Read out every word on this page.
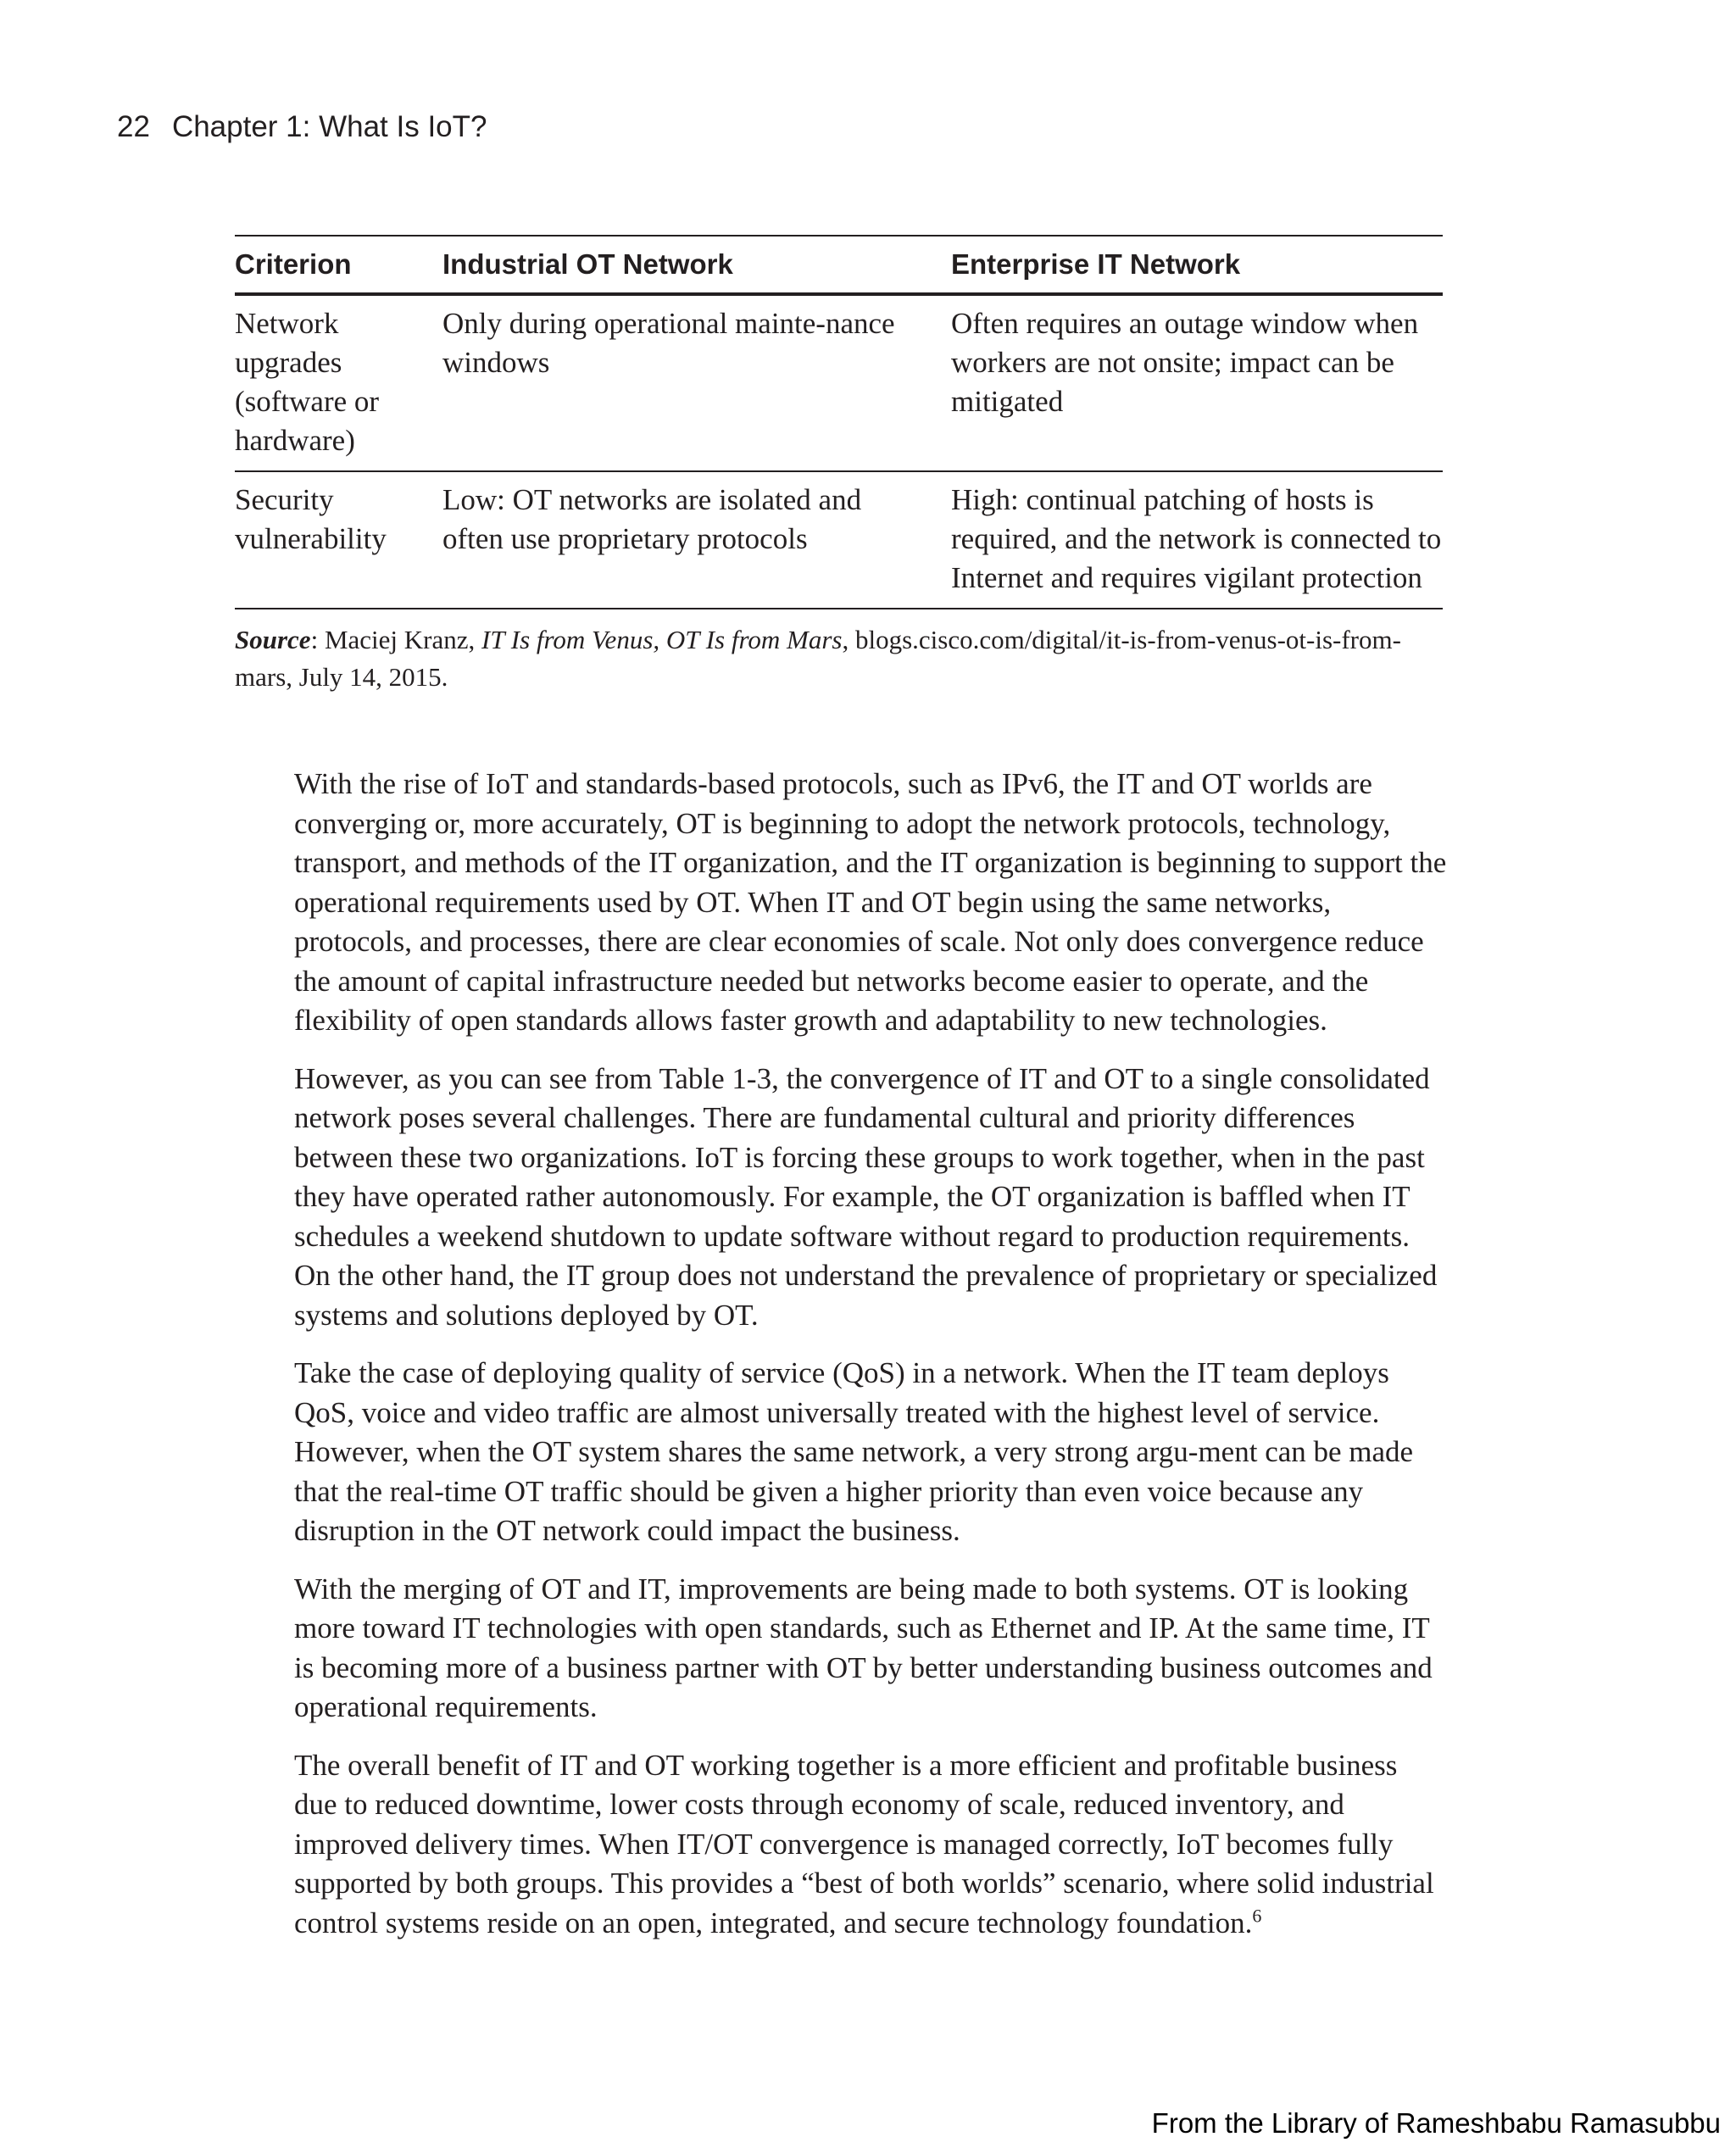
22 Chapter 1: What Is IoT?
Criterion	Industrial OT Network	Enterprise IT Network
Network upgrades (software or hardware)	Only during operational mainte-nance windows	Often requires an outage window when workers are not onsite; impact can be mitigated
Security vulnerability	Low: OT networks are isolated and often use proprietary protocols	High: continual patching of hosts is required, and the network is connected to Internet and requires vigilant protection
Source: Maciej Kranz, IT Is from Venus, OT Is from Mars, blogs.cisco.com/digital/it-is-from-venus-ot-is-from-mars, July 14, 2015.

With the rise of IoT and standards-based protocols, such as IPv6, the IT and OT worlds are converging or, more accurately, OT is beginning to adopt the network protocols, technology, transport, and methods of the IT organization, and the IT organization is beginning to support the operational requirements used by OT. When IT and OT begin using the same networks, protocols, and processes, there are clear economies of scale. Not only does convergence reduce the amount of capital infrastructure needed but networks become easier to operate, and the flexibility of open standards allows faster growth and adaptability to new technologies.

However, as you can see from Table 1-3, the convergence of IT and OT to a single consolidated network poses several challenges. There are fundamental cultural and priority differences between these two organizations. IoT is forcing these groups to work together, when in the past they have operated rather autonomously. For example, the OT organization is baffled when IT schedules a weekend shutdown to update software without regard to production requirements. On the other hand, the IT group does not understand the prevalence of proprietary or specialized systems and solutions deployed by OT.

Take the case of deploying quality of service (QoS) in a network. When the IT team deploys QoS, voice and video traffic are almost universally treated with the highest level of service. However, when the OT system shares the same network, a very strong argu-ment can be made that the real-time OT traffic should be given a higher priority than even voice because any disruption in the OT network could impact the business.

With the merging of OT and IT, improvements are being made to both systems. OT is looking more toward IT technologies with open standards, such as Ethernet and IP. At the same time, IT is becoming more of a business partner with OT by better understanding business outcomes and operational requirements.

The overall benefit of IT and OT working together is a more efficient and profitable business due to reduced downtime, lower costs through economy of scale, reduced inventory, and improved delivery times. When IT/OT convergence is managed correctly, IoT becomes fully supported by both groups. This provides a “best of both worlds” scenario, where solid industrial control systems reside on an open, integrated, and secure technology foundation.$^6$

From the Library of Rameshbabu Ramasubbu
